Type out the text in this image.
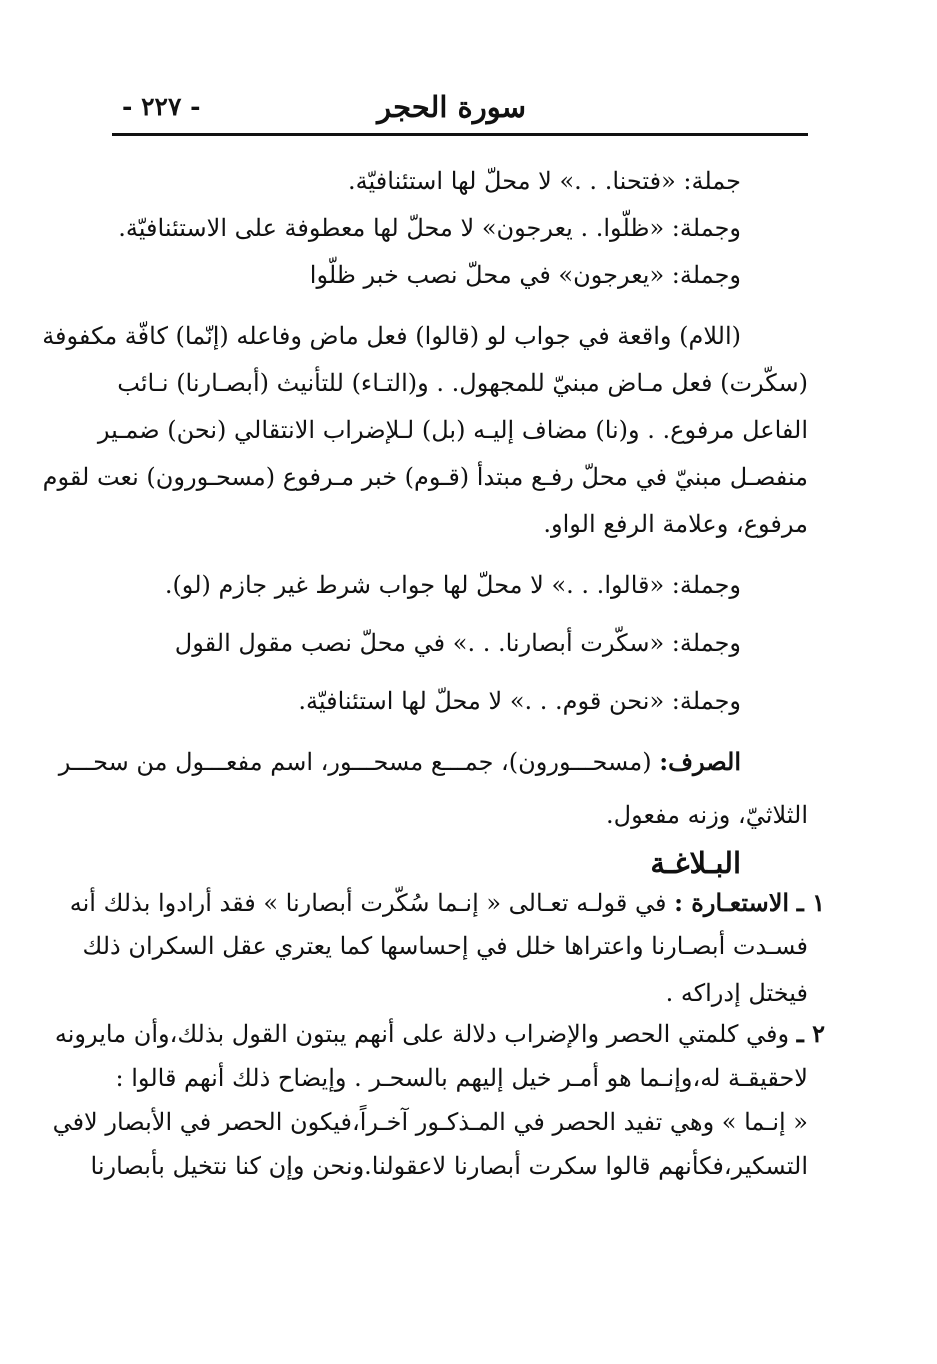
سورة الحجر
- ٢٢٧ -
جملة: «فتحنا. . .» لا محلّ لها استئنافيّة.
وجملة: «ظلّوا. . يعرجون» لا محلّ لها معطوفة على الاستئنافيّة.
وجملة: «يعرجون» في محلّ نصب خبر ظلّوا
(اللام) واقعة في جواب لو (قالوا) فعل ماض وفاعله (إنّما) كافّة مكفوفة
(سكّرت) فعل مـاض مبنيّ للمجهول. . و(التـاء) للتأنيث (أبصـارنا) نـائب
الفاعل مرفوع. . و(نا) مضاف إليـه (بل) لـلإضراب الانتقالي (نحن) ضمـير
منفصـل مبنيّ في محلّ رفـع مبتدأ (قـوم) خبر مـرفوع (مسحـورون) نعت لقوم
مرفوع، وعلامة الرفع الواو.
وجملة: «قالوا. . .» لا محلّ لها جواب شرط غير جازم (لو).
وجملة: «سكّرت أبصارنا. . .» في محلّ نصب مقول القول
وجملة: «نحن قوم. . .» لا محلّ لها استئنافيّة.
الصرف: (مسحـــورون)، جمـــع مسحـــور، اسم مفعـــول من سحـــر
الثلاثيّ، وزنه مفعول.
البـلاغـة
١ ـ الاستعـارة : في قولـه تعـالى « إنـما سُكّرت أبصارنا » فقد أرادوا بذلك أنه
فسـدت أبصـارنا واعتراها خلل في إحساسها كما يعتري عقل السكران ذلك
فيختل إدراكه .
٢ ـ وفي كلمتي الحصر والإضراب دلالة على أنهم يبتون القول بذلك،وأن مايرونه
لاحقيقـة له،وإنـما هو أمـر خيل إليهم بالسحـر . وإيضاح ذلك أنهم قالوا :
« إنـما » وهي تفيد الحصر في المـذكـور آخـراً،فيكون الحصر في الأبصار لافي
التسكير،فكأنهم قالوا سكرت أبصارنا لاعقولنا.ونحن وإن كنا نتخيل بأبصارنا
